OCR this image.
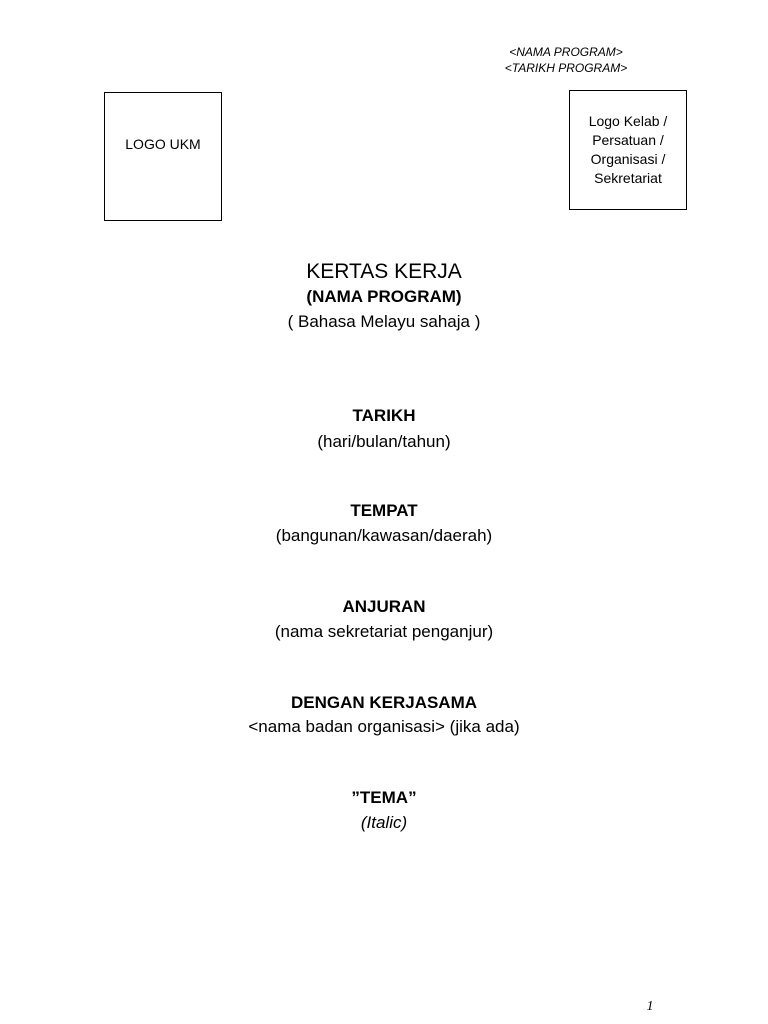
<NAMA PROGRAM>
<TARIKH PROGRAM>
LOGO UKM
Logo Kelab /
Persatuan /
Organisasi /
Sekretariat
KERTAS KERJA
(NAMA PROGRAM)
( Bahasa Melayu sahaja )
TARIKH
(hari/bulan/tahun)
TEMPAT
(bangunan/kawasan/daerah)
ANJURAN
(nama sekretariat penganjur)
DENGAN KERJASAMA
<nama badan organisasi> (jika ada)
”TEMA”
(Italic)
1
